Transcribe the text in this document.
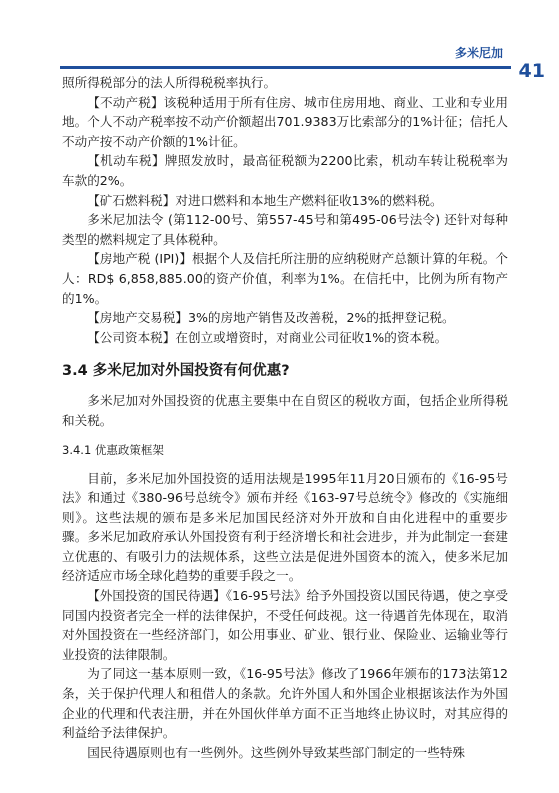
多米尼加
41

照所得税部分的法人所得税税率执行。

【不动产税】该税种适用于所有住房、城市住房用地、商业、工业和专业用地。个人不动产税率按不动产价额超出701.9383万比索部分的1%计征；信托人不动产按不动产价额的1%计征。

【机动车税】牌照发放时，最高征税额为2200比索，机动车转让税税率为车款的2%。

【矿石燃料税】对进口燃料和本地生产燃料征收13%的燃料税。

多米尼加法令 (第112-00号、第557-45号和第495-06号法令) 还针对每种类型的燃料规定了具体税种。

【房地产税 (IPI)】根据个人及信托所注册的应纳税财产总额计算的年税。个人：RD$ 6,858,885.00的资产价值，利率为1%。在信托中，比例为所有物产的1%。

【房地产交易税】3%的房地产销售及改善税，2%的抵押登记税。

【公司资本税】在创立或增资时，对商业公司征收1%的资本税。

3.4 多米尼加对外国投资有何优惠?

多米尼加对外国投资的优惠主要集中在自贸区的税收方面，包括企业所得税和关税。

3.4.1 优惠政策框架

目前，多米尼加外国投资的适用法规是1995年11月20日颁布的《16-95号法》和通过《380-96号总统令》颁布并经《163-97号总统令》修改的《实施细则》。这些法规的颁布是多米尼加国民经济对外开放和自由化进程中的重要步骤。多米尼加政府承认外国投资有利于经济增长和社会进步，并为此制定一套建立优惠的、有吸引力的法规体系，这些立法是促进外国资本的流入，使多米尼加经济适应市场全球化趋势的重要手段之一。

【外国投资的国民待遇】《16-95号法》给予外国投资以国民待遇，使之享受同国内投资者完全一样的法律保护，不受任何歧视。这一待遇首先体现在，取消对外国投资在一些经济部门，如公用事业、矿业、银行业、保险业、运输业等行业投资的法律限制。

为了同这一基本原则一致，《16-95号法》修改了1966年颁布的173法第12条，关于保护代理人和租借人的条款。允许外国人和外国企业根据该法作为外国企业的代理和代表注册，并在外国伙伴单方面不正当地终止协议时，对其应得的利益给予法律保护。

国民待遇原则也有一些例外。这些例外导致某些部门制定的一些特殊
